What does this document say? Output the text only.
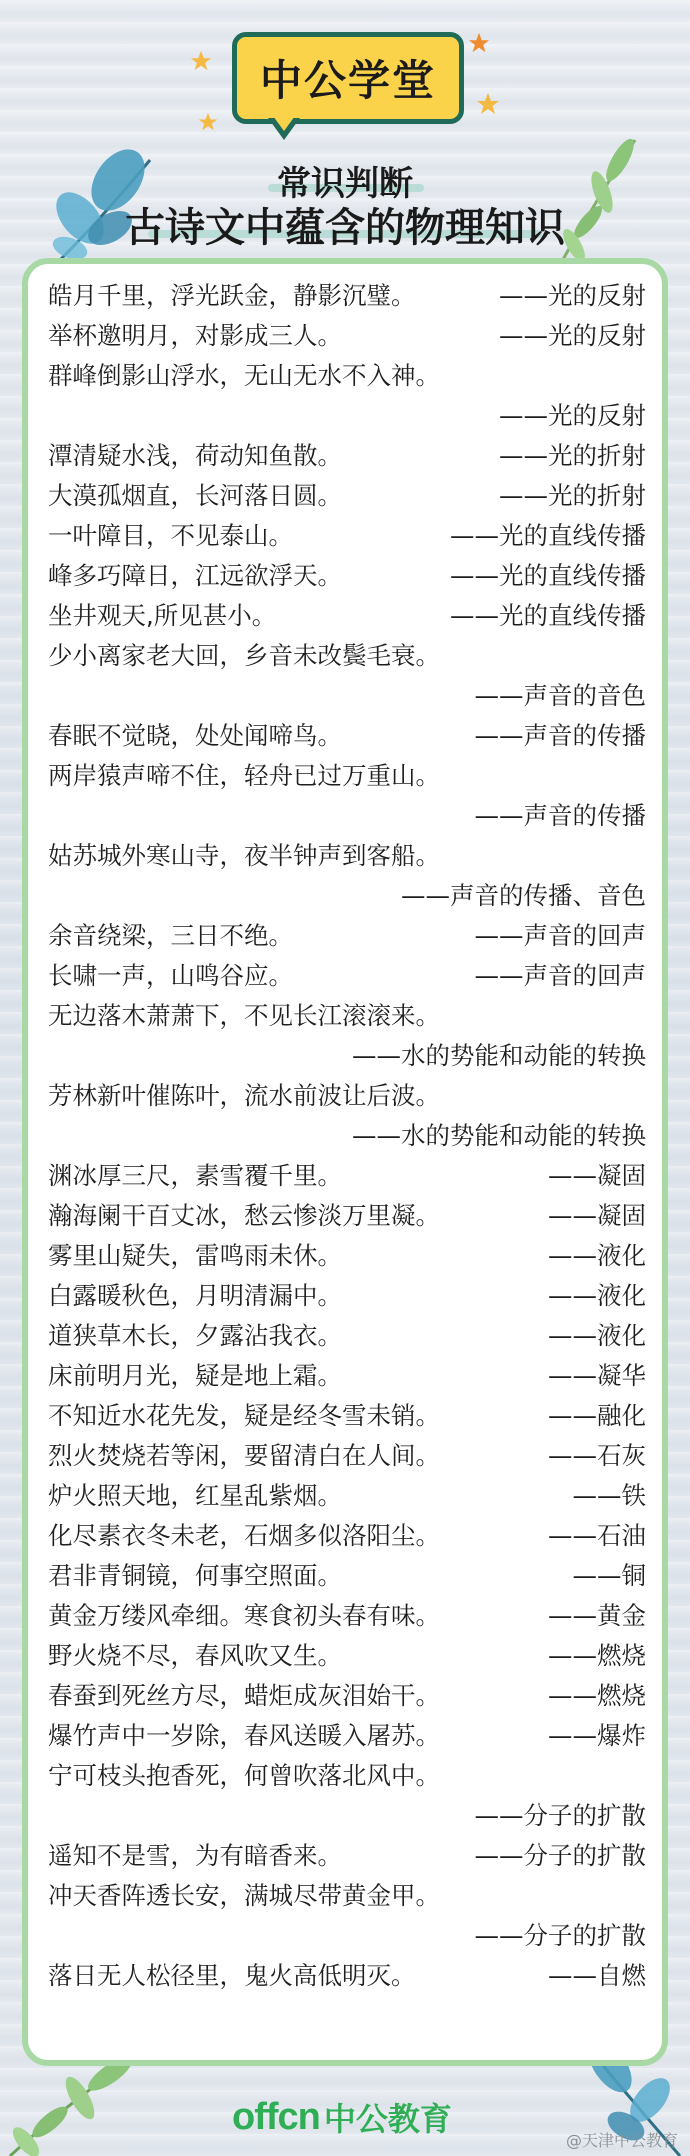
中公学堂
常识判断
古诗文中蕴含的物理知识
皓月千里，浮光跃金，静影沉璧。	——光的反射
举杯邀明月，对影成三人。	——光的反射
群峰倒影山浮水，无山无水不入神。
——光的反射
潭清疑水浅，荷动知鱼散。	——光的折射
大漠孤烟直，长河落日圆。	——光的折射
一叶障目，不见泰山。	——光的直线传播
峰多巧障日，江远欲浮天。	——光的直线传播
坐井观天,所见甚小。	——光的直线传播
少小离家老大回，乡音未改鬓毛衰。
——声音的音色
春眠不觉晓，处处闻啼鸟。	——声音的传播
两岸猿声啼不住，轻舟已过万重山。
——声音的传播
姑苏城外寒山寺，夜半钟声到客船。
——声音的传播、音色
余音绕梁，三日不绝。	——声音的回声
长啸一声，山鸣谷应。	——声音的回声
无边落木萧萧下，不见长江滚滚来。
——水的势能和动能的转换
芳林新叶催陈叶，流水前波让后波。
——水的势能和动能的转换
渊冰厚三尺，素雪覆千里。	——凝固
瀚海阑干百丈冰，愁云惨淡万里凝。	——凝固
雾里山疑失，雷鸣雨未休。	——液化
白露暖秋色，月明清漏中。	——液化
道狭草木长，夕露沾我衣。	——液化
床前明月光，疑是地上霜。	——凝华
不知近水花先发，疑是经冬雪未销。	——融化
烈火焚烧若等闲，要留清白在人间。	——石灰
炉火照天地，红星乱紫烟。	——铁
化尽素衣冬未老，石烟多似洛阳尘。	——石油
君非青铜镜，何事空照面。	——铜
黄金万缕风牵细。寒食初头春有味。	——黄金
野火烧不尽，春风吹又生。	——燃烧
春蚕到死丝方尽，蜡炬成灰泪始干。	——燃烧
爆竹声中一岁除，春风送暖入屠苏。	——爆炸
宁可枝头抱香死，何曾吹落北风中。
——分子的扩散
遥知不是雪，为有暗香来。	——分子的扩散
冲天香阵透长安，满城尽带黄金甲。
——分子的扩散
落日无人松径里，鬼火高低明灭。	——自燃
offcn 中公教育
@天津中公教育
